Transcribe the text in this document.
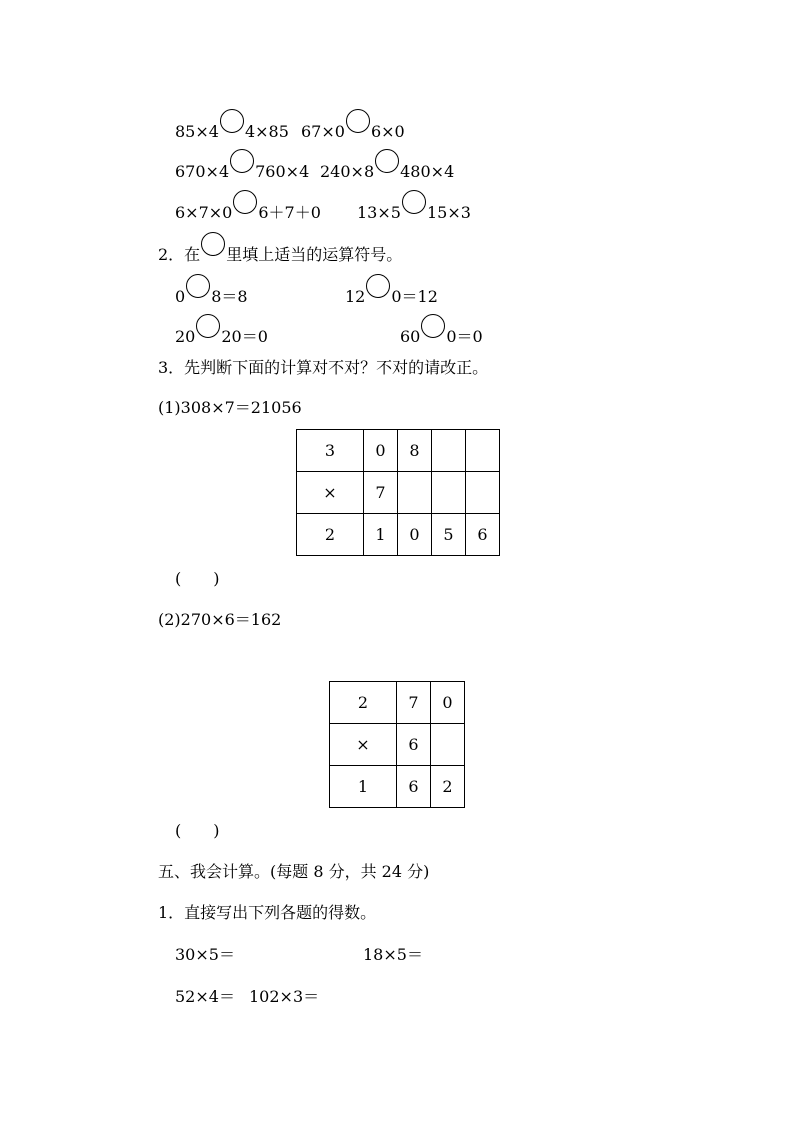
85×4 4×85 67×0 6×0
670×4 760×4 240×8 480×4
6×7×0 6＋7＋0 13×5 15×3
2．在 里填上适当的运算符号。
0 8＝8	12 0＝12
20 20＝0	60 0＝0
3．先判断下面的计算对不对？不对的请改正。
(1)308×7＝21056
3	0	8		
×	7			
2	1	0	5	6
(　　)
(2)270×6＝162
2	7	0
×	6	
1	6	2
(　　)
五、我会计算。(每题 8 分，共 24 分)
1．直接写出下列各题的得数。
30×5＝	18×5＝
52×4＝ 102×3＝
